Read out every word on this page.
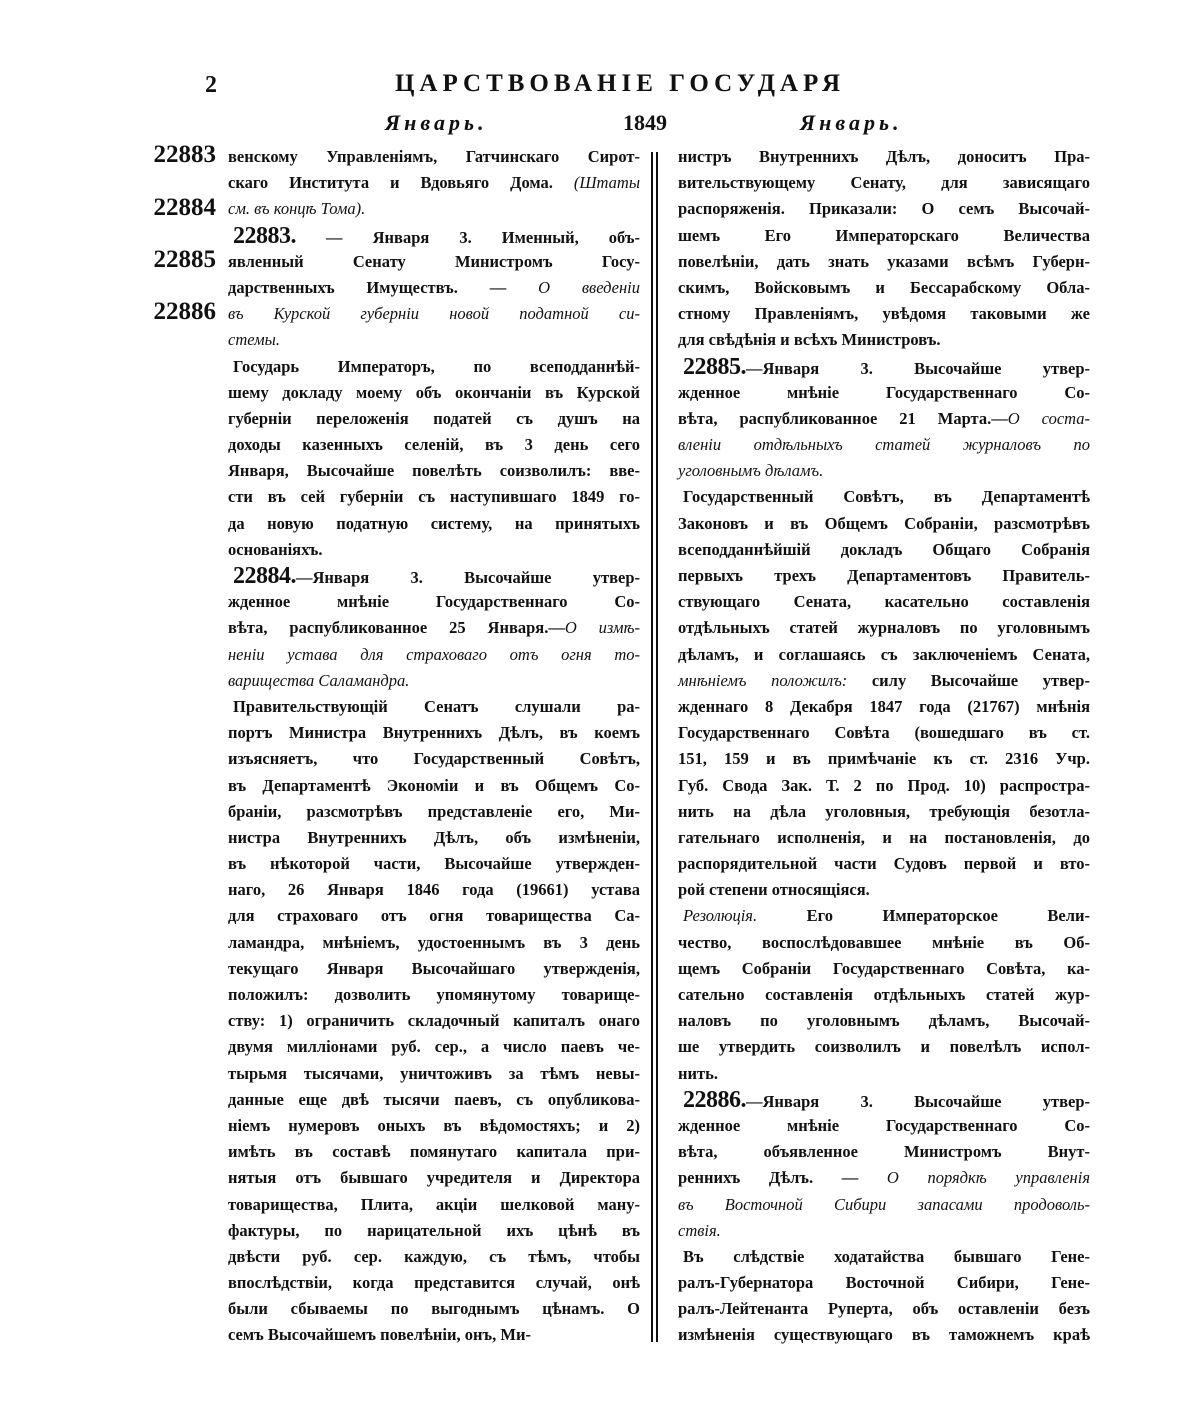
2	ЦАРСТВОВАНІЕ ГОСУДАРЯ
Январь.	1849	Январь.
22883
22884
22885
22886
венскому Управленіямъ, Гатчинскаго Сирот-
скаго Института и Вдовьяго Дома. (Штаты
см. въ концѣ Тома).
22883. — Января 3. Именный, объ-
явленный Сенату Министромъ Госу-
дарственныхъ Имуществъ. — О введеніи
въ Курской губерніи новой податной си-
стемы.
Государь Императоръ, по всеподданнѣй-
шему докладу моему объ окончаніи въ Курской
губерніи переложенія податей съ душъ на
доходы казенныхъ селеній, въ 3 день сего
Января, Высочайше повелѣть соизволилъ: вве-
сти въ сей губерніи съ наступившаго 1849 го-
да новую податную систему, на принятыхъ
основаніяхъ.
22884.—Января 3. Высочайше утвер-
жденное мнѣніе Государственнаго Со-
вѣта, распубликованное 25 Января.—О измѣ-
неніи устава для страховаго отъ огня то-
варищества Саламандра.
Правительствующій Сенатъ слушали ра-
портъ Министра Внутреннихъ Дѣлъ, въ коемъ
изъясняетъ, что Государственный Совѣтъ,
въ Департаментѣ Экономіи и въ Общемъ Со-
браніи, разсмотрѣвъ представленіе его, Ми-
нистра Внутреннихъ Дѣлъ, объ измѣненіи,
въ нѣкоторой части, Высочайше утвержден-
наго, 26 Января 1846 года (19661) устава
для страховаго отъ огня товарищества Са-
ламандра, мнѣніемъ, удостоеннымъ въ 3 день
текущаго Января Высочайшаго утвержденія,
положилъ: дозволить упомянутому товарище-
ству: 1) ограничить складочный капиталъ онаго
двумя милліонами руб. сер., а число паевъ че-
тырьмя тысячами, уничтоживъ за тѣмъ невы-
данные еще двѣ тысячи паевъ, съ опубликова-
ніемъ нумеровъ оныхъ въ вѣдомостяхъ; и 2)
имѣть въ составѣ помянутаго капитала при-
нятыя отъ бывшаго учредителя и Директора
товарищества, Плита, акціи шелковой ману-
фактуры, по нарицательной ихъ цѣнѣ въ
двѣсти руб. сер. каждую, съ тѣмъ, чтобы
впослѣдствіи, когда представится случай, онѣ
были сбываемы по выгоднымъ цѣнамъ. О
семъ Высочайшемъ повелѣніи, онъ, Ми-
нистръ Внутреннихъ Дѣлъ, доноситъ Пра-
вительствующему Сенату, для зависящаго
распоряженія. Приказали: О семъ Высочай-
шемъ Его Императорскаго Величества
повелѣніи, дать знать указами всѣмъ Губерн-
скимъ, Войсковымъ и Бессарабскому Обла-
стному Правленіямъ, увѣдомя таковыми же
для свѣдѣнія и всѣхъ Министровъ.
22885.—Января 3. Высочайше утвер-
жденное мнѣніе Государственнаго Со-
вѣта, распубликованное 21 Марта.—О соста-
вленіи отдѣльныхъ статей журналовъ по
уголовнымъ дѣламъ.
Государственный Совѣтъ, въ Департаментѣ
Законовъ и въ Общемъ Собраніи, разсмотрѣвъ
всеподданнѣйшій докладъ Общаго Собранія
первыхъ трехъ Департаментовъ Правитель-
ствующаго Сената, касательно составленія
отдѣльныхъ статей журналовъ по уголовнымъ
дѣламъ, и соглашаясь съ заключеніемъ Сената,
мнѣніемъ положилъ: силу Высочайше утвер-
жденнаго 8 Декабря 1847 года (21767) мнѣнія
Государственнаго Совѣта (вошедшаго въ ст.
151, 159 и въ примѣчаніе къ ст. 2316 Учр.
Губ. Свода Зак. Т. 2 по Прод. 10) распростра-
нить на дѣла уголовныя, требующія безотла-
гательнаго исполненія, и на постановленія, до
распорядительной части Судовъ первой и вто-
рой степени относящіяся.
Резолюція. Его Императорское Вели-
чество, воспослѣдовавшее мнѣніе въ Об-
щемъ Собраніи Государственнаго Совѣта, ка-
сательно составленія отдѣльныхъ статей жур-
наловъ по уголовнымъ дѣламъ, Высочай-
ше утвердить соизволилъ и повелѣлъ испол-
нить.
22886.—Января 3. Высочайше утвер-
жденное мнѣніе Государственнаго Со-
вѣта, объявленное Министромъ Внут-
реннихъ Дѣлъ. — О порядкѣ управленія
въ Восточной Сибири запасами продоволь-
ствія.
Въ слѣдствіе ходатайства бывшаго Гене-
ралъ-Губернатора Восточной Сибири, Гене-
ралъ-Лейтенанта Руперта, объ оставленіи безъ
измѣненія существующаго въ таможнемъ краѣ
